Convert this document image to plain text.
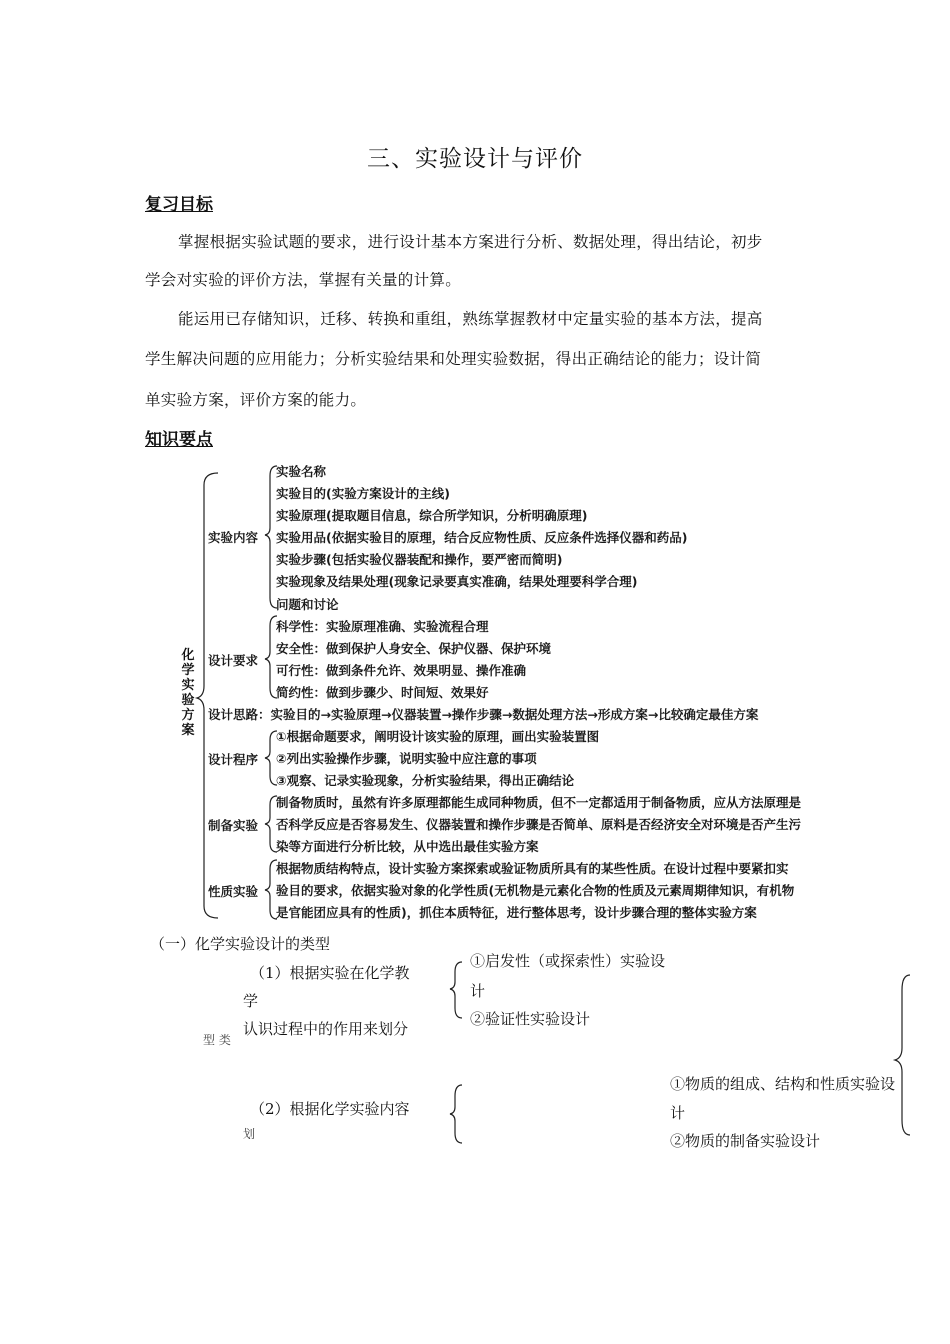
三、实验设计与评价
复习目标
掌握根据实验试题的要求，进行设计基本方案进行分析、数据处理，得出结论，初步
学会对实验的评价方法，掌握有关量的计算。
能运用已存储知识，迁移、转换和重组，熟练掌握教材中定量实验的基本方法，提高
学生解决问题的应用能力；分析实验结果和处理实验数据，得出正确结论的能力；设计简
单实验方案，评价方案的能力。
知识要点
化学实验方案
实验内容
实验名称
实验目的(实验方案设计的主线)
实验原理(提取题目信息，综合所学知识，分析明确原理)
实验用品(依据实验目的原理，结合反应物性质、反应条件选择仪器和药品)
实验步骤(包括实验仪器装配和操作，要严密而简明)
实验现象及结果处理(现象记录要真实准确，结果处理要科学合理)
问题和讨论
设计要求
科学性：实验原理准确、实验流程合理
安全性：做到保护人身安全、保护仪器、保护环境
可行性：做到条件允许、效果明显、操作准确
简约性：做到步骤少、时间短、效果好
设计思路：实验目的→实验原理→仪器装置→操作步骤→数据处理方法→形成方案→比较确定最佳方案
设计程序
①根据命题要求，阐明设计该实验的原理，画出实验装置图
②列出实验操作步骤，说明实验中应注意的事项
③观察、记录实验现象，分析实验结果，得出正确结论
制备实验
制备物质时，虽然有许多原理都能生成同种物质，但不一定都适用于制备物质，应从方法原理是
否科学反应是否容易发生、仪器装置和操作步骤是否简单、原料是否经济安全对环境是否产生污
染等方面进行分析比较，从中选出最佳实验方案
性质实验
根据物质结构特点，设计实验方案探索或验证物质所具有的某些性质。在设计过程中要紧扣实
验目的要求，依据实验对象的化学性质(无机物是元素化合物的性质及元素周期律知识，有机物
是官能团应具有的性质)，抓住本质特征，进行整体思考，设计步骤合理的整体实验方案
（一）化学实验设计的类型
（1）根据实验在化学教
学
认识过程中的作用来划分
①启发性（或探索性）实验设
计
②验证性实验设计
型 类
（2）根据化学实验内容
划
①物质的组成、结构和性质实验设
计
②物质的制备实验设计
